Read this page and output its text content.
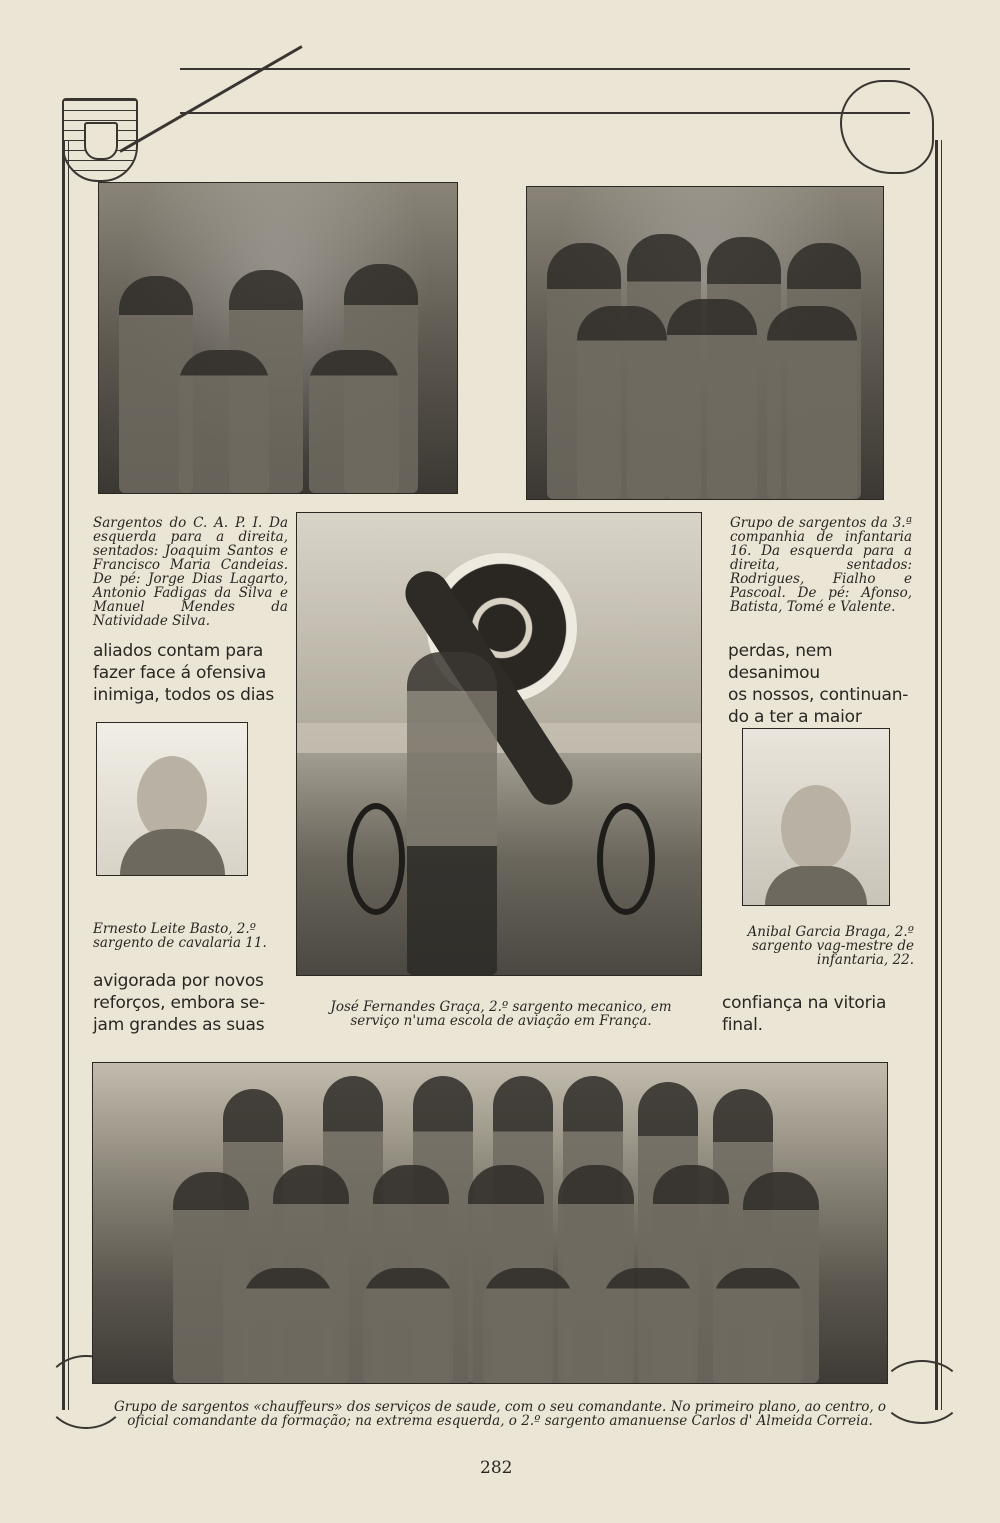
Sargentos do C. A. P. I. Da esquerda para a direita, sentados: Joaquim Santos e Francisco Maria Candeias. De pé: Jorge Dias Lagarto, Antonio Fadigas da Silva e Manuel Mendes da Natividade Silva.
Grupo de sargentos da 3.ª companhia de infantaria 16. Da esquerda para a direita, sentados: Rodrigues, Fialho e Pascoal. De pé: Afonso, Batista, Tomé e Valente.
aliados contam para
fazer face á ofensiva
inimiga, todos os dias
perdas, nem desanimou
os nossos, continuan-
do a ter a maior
Ernesto Leite Basto, 2.º sargento de cavalaria 11.
Anibal Garcia Braga, 2.º sargento vag-mestre de infantaria, 22.
avigorada por novos
reforços, embora se-
jam grandes as suas
confiança na vitoria
final.
José Fernandes Graça, 2.º sargento mecanico, em serviço n'uma escola de aviação em França.
Grupo de sargentos «chauffeurs» dos serviços de saude, com o seu comandante. No primeiro plano, ao centro, o oficial comandante da formação; na extrema esquerda, o 2.º sargento amanuense Carlos d' Almeida Correia.
282
